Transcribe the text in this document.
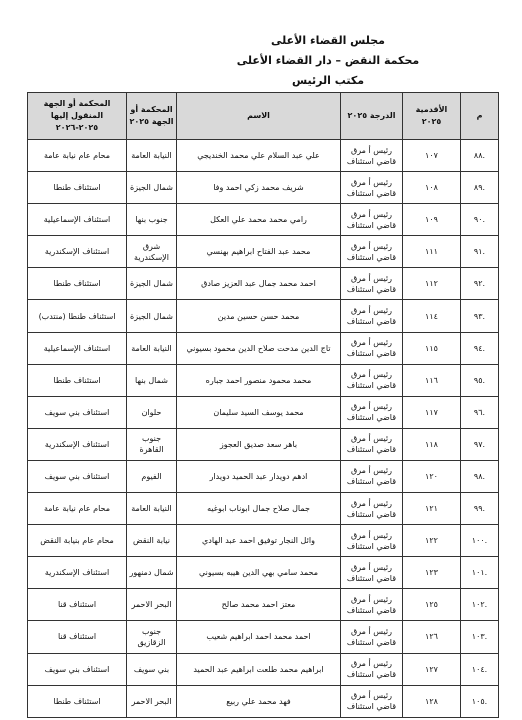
مجلس القضاء الأعلى
محكمة النقض – دار القضاء الأعلى
مكتب الرئيس
م	الأقدمية ٢٠٢٥	الدرجة ٢٠٢٥	الاسم	المحكمة أو الجهة ٢٠٢٥	المحكمة أو الجهة المنقول إليها ٢٠٢٥-٢٠٢٦
.٨٨	١٠٧	رئيس أ مرق قاضي استئناف	علي عبد السلام علي محمد الخنديجي	النيابة العامة	محام عام نيابة عامة
.٨٩	١٠٨	رئيس أ مرق قاضي استئناف	شريف محمد زكي احمد وفا	شمال الجيزة	استئناف طنطا
.٩٠	١٠٩	رئيس أ مرق قاضي استئناف	رامي محمد محمد علي العكل	جنوب بنها	استئناف الإسماعيلية
.٩١	١١١	رئيس أ مرق قاضي استئناف	محمد عبد الفتاح ابراهيم بهنسي	شرق الإسكندرية	استئناف الإسكندرية
.٩٢	١١٢	رئيس أ مرق قاضي استئناف	احمد محمد جمال عبد العزيز صادق	شمال الجيزة	استئناف طنطا
.٩٣	١١٤	رئيس أ مرق قاضي استئناف	محمد حسن حسين مدين	شمال الجيزة	استئناف طنطا (منتدب)
.٩٤	١١٥	رئيس أ مرق قاضي استئناف	تاج الدين مدحت صلاح الدين محمود بسيوني	النيابة العامة	استئناف الإسماعيلية
.٩٥	١١٦	رئيس أ مرق قاضي استئناف	محمد محمود منصور احمد جباره	شمال بنها	استئناف طنطا
.٩٦	١١٧	رئيس أ مرق قاضي استئناف	محمد يوسف السيد سليمان	حلوان	استئناف بني سويف
.٩٧	١١٨	رئيس أ مرق قاضي استئناف	باهر سعد صديق العجوز	جنوب القاهرة	استئناف الإسكندرية
.٩٨	١٢٠	رئيس أ مرق قاضي استئناف	ادهم دويدار عبد الحميد دويدار	الفيوم	استئناف بني سويف
.٩٩	١٢١	رئيس أ مرق قاضي استئناف	جمال صلاح جمال ابوناب ابوغيه	النيابة العامة	محام عام نيابة عامة
.١٠٠	١٢٢	رئيس أ مرق قاضي استئناف	وائل النجار توفيق احمد عبد الهادي	نيابة النقض	محام عام بنيابة النقض
.١٠١	١٢٣	رئيس أ مرق قاضي استئناف	محمد سامي بهي الدين هيبه بسيوني	شمال دمنهور	استئناف الإسكندرية
.١٠٢	١٢٥	رئيس أ مرق قاضي استئناف	معتز احمد محمد صالح	البحر الاحمر	استئناف قنا
.١٠٣	١٢٦	رئيس أ مرق قاضي استئناف	احمد محمد احمد ابراهيم شعيب	جنوب الزقازيق	استئناف قنا
.١٠٤	١٢٧	رئيس أ مرق قاضي استئناف	ابراهيم محمد طلعت ابراهيم عبد الحميد	بني سويف	استئناف بني سويف
.١٠٥	١٢٨	رئيس أ مرق قاضي استئناف	فهد محمد علي ربيع	البحر الاحمر	استئناف طنطا
